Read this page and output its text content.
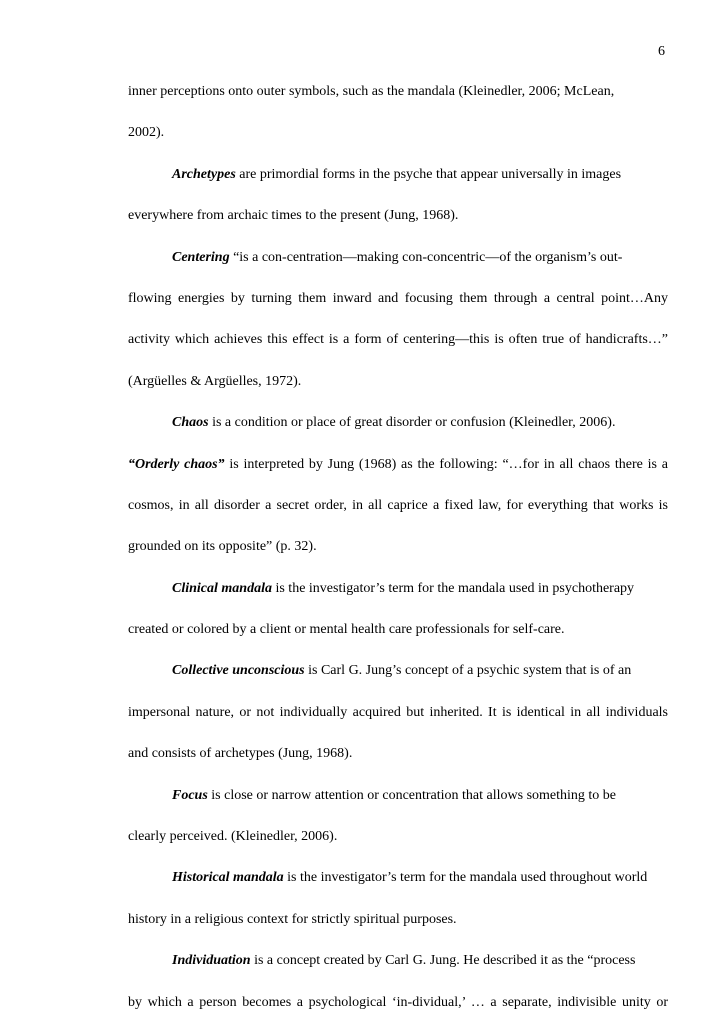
6

inner perceptions onto outer symbols, such as the mandala (Kleinedler, 2006; McLean,

2002).

Archetypes are primordial forms in the psyche that appear universally in images

everywhere from archaic times to the present (Jung, 1968).

Centering “is a con-centration—making con-concentric—of the organism’s out-

flowing energies by turning them inward and focusing them through a central point…Any

activity which achieves this effect is a form of centering—this is often true of handicrafts…”

(Argüelles & Argüelles, 1972).

Chaos is a condition or place of great disorder or confusion (Kleinedler, 2006).

“Orderly chaos” is interpreted by Jung (1968) as the following: “…for in all chaos there is a

cosmos, in all disorder a secret order, in all caprice a fixed law, for everything that works is

grounded on its opposite” (p. 32).

Clinical mandala is the investigator’s term for the mandala used in psychotherapy

created or colored by a client or mental health care professionals for self-care.

Collective unconscious is Carl G. Jung’s concept of a psychic system that is of an

impersonal nature, or not individually acquired but inherited. It is identical in all individuals

and consists of archetypes (Jung, 1968).

Focus is close or narrow attention or concentration that allows something to be

clearly perceived. (Kleinedler, 2006).

Historical mandala is the investigator’s term for the mandala used throughout world

history in a religious context for strictly spiritual purposes.

Individuation is a concept created by Carl G. Jung. He described it as the “process

by which a person becomes a psychological ‘in-dividual,’ … a separate, indivisible unity or
